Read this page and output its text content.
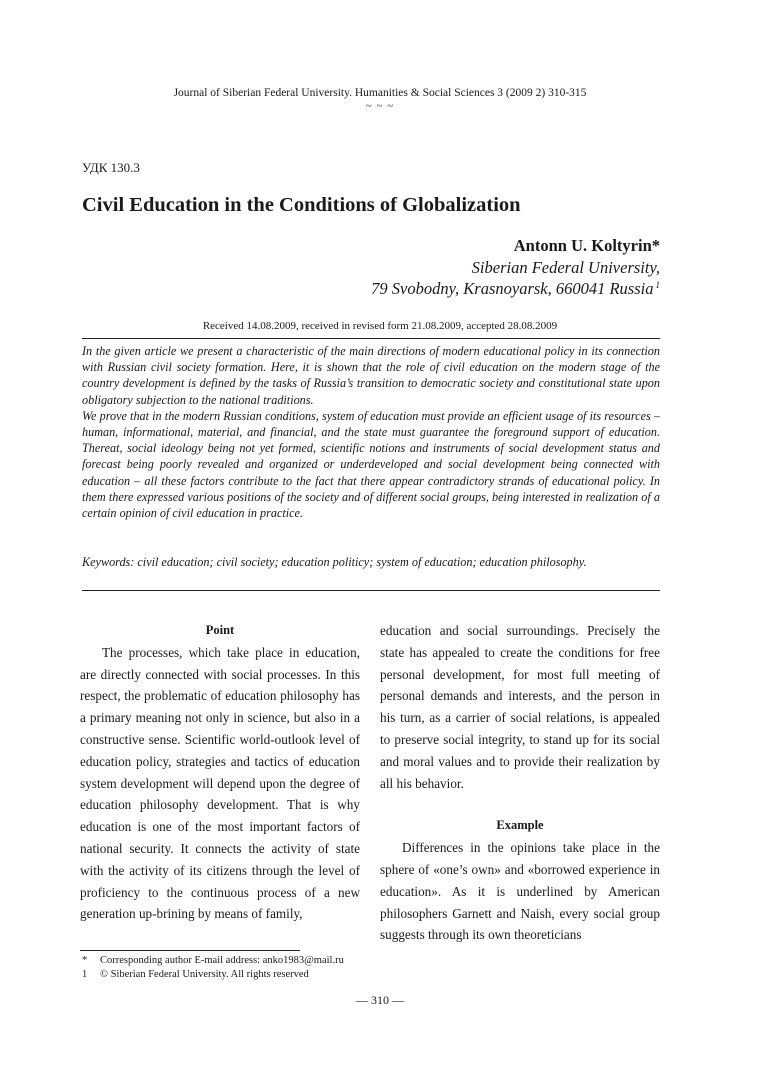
Journal of Siberian Federal University. Humanities & Social Sciences 3 (2009 2) 310-315
~ ~ ~
УДК 130.3
Civil Education in the Conditions of Globalization
Antonn U. Koltyrin*
Siberian Federal University,
79 Svobodny, Krasnoyarsk, 660041 Russia $^1$
Received 14.08.2009, received in revised form 21.08.2009, accepted 28.08.2009

In the given article we present a characteristic of the main directions of modern educational policy in its connection with Russian civil society formation. Here, it is shown that the role of civil education on the modern stage of the country development is defined by the tasks of Russia’s transition to democratic society and constitutional state upon obligatory subjection to the national traditions.

We prove that in the modern Russian conditions, system of education must provide an efficient usage of its resources – human, informational, material, and financial, and the state must guarantee the foreground support of education. Thereat, social ideology being not yet formed, scientific notions and instruments of social development status and forecast being poorly revealed and organized or underdeveloped and social development being connected with education – all these factors contribute to the fact that there appear contradictory strands of educational policy. In them there expressed various positions of the society and of different social groups, being interested in realization of a certain opinion of civil education in practice.

Keywords: civil education; civil society; education politicy; system of education; education philosophy.
Point

The processes, which take place in education, are directly connected with social processes. In this respect, the problematic of education philosophy has a primary meaning not only in science, but also in a constructive sense. Scientific world-outlook level of education policy, strategies and tactics of education system development will depend upon the degree of education philosophy development. That is why education is one of the most important factors of national security. It connects the activity of state with the activity of its citizens through the level of proficiency to the continuous process of a new generation up-brining by means of family,

education and social surroundings. Precisely the state has appealed to create the conditions for free personal development, for most full meeting of personal demands and interests, and the person in his turn, as a carrier of social relations, is appealed to preserve social integrity, to stand up for its social and moral values and to provide their realization by all his behavior.

Example

Differences in the opinions take place in the sphere of «one’s own» and «borrowed experience in education». As it is underlined by American philosophers Garnett and Naish, every social group suggests through its own theoreticians

* Corresponding author E-mail address: anko1983@mail.ru
1 © Siberian Federal University. All rights reserved
— 310 —
